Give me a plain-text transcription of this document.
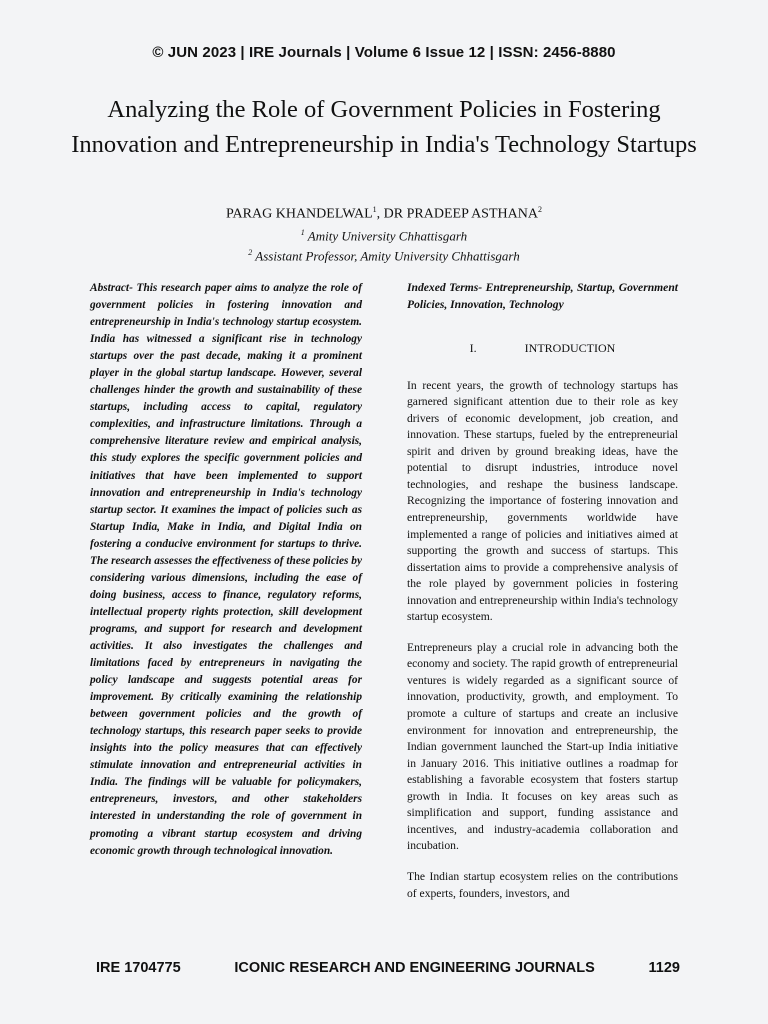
© JUN 2023 | IRE Journals | Volume 6 Issue 12 | ISSN: 2456-8880
Analyzing the Role of Government Policies in Fostering Innovation and Entrepreneurship in India's Technology Startups
PARAG KHANDELWAL$^1$, DR PRADEEP ASTHANA$^2$
$^1$ Amity University Chhattisgarh
$^2$ Assistant Professor, Amity University Chhattisgarh

Abstract- This research paper aims to analyze the role of government policies in fostering innovation and entrepreneurship in India's technology startup ecosystem. India has witnessed a significant rise in technology startups over the past decade, making it a prominent player in the global startup landscape. However, several challenges hinder the growth and sustainability of these startups, including access to capital, regulatory complexities, and infrastructure limitations. Through a comprehensive literature review and empirical analysis, this study explores the specific government policies and initiatives that have been implemented to support innovation and entrepreneurship in India's technology startup sector. It examines the impact of policies such as Startup India, Make in India, and Digital India on fostering a conducive environment for startups to thrive. The research assesses the effectiveness of these policies by considering various dimensions, including the ease of doing business, access to finance, regulatory reforms, intellectual property rights protection, skill development programs, and support for research and development activities. It also investigates the challenges and limitations faced by entrepreneurs in navigating the policy landscape and suggests potential areas for improvement. By critically examining the relationship between government policies and the growth of technology startups, this research paper seeks to provide insights into the policy measures that can effectively stimulate innovation and entrepreneurial activities in India. The findings will be valuable for policymakers, entrepreneurs, investors, and other stakeholders interested in understanding the role of government in promoting a vibrant startup ecosystem and driving economic growth through technological innovation.

Indexed Terms- Entrepreneurship, Startup, Government Policies, Innovation, Technology

I.	INTRODUCTION

In recent years, the growth of technology startups has garnered significant attention due to their role as key drivers of economic development, job creation, and innovation. These startups, fueled by the entrepreneurial spirit and driven by ground breaking ideas, have the potential to disrupt industries, introduce novel technologies, and reshape the business landscape. Recognizing the importance of fostering innovation and entrepreneurship, governments worldwide have implemented a range of policies and initiatives aimed at supporting the growth and success of startups. This dissertation aims to provide a comprehensive analysis of the role played by government policies in fostering innovation and entrepreneurship within India's technology startup ecosystem.

Entrepreneurs play a crucial role in advancing both the economy and society. The rapid growth of entrepreneurial ventures is widely regarded as a significant source of innovation, productivity, growth, and employment. To promote a culture of startups and create an inclusive environment for innovation and entrepreneurship, the Indian government launched the Start-up India initiative in January 2016. This initiative outlines a roadmap for establishing a favorable ecosystem that fosters startup growth in India. It focuses on key areas such as simplification and support, funding assistance and incentives, and industry-academia collaboration and incubation.

The Indian startup ecosystem relies on the contributions of experts, founders, investors, and

IRE 1704775	ICONIC RESEARCH AND ENGINEERING JOURNALS	1129
